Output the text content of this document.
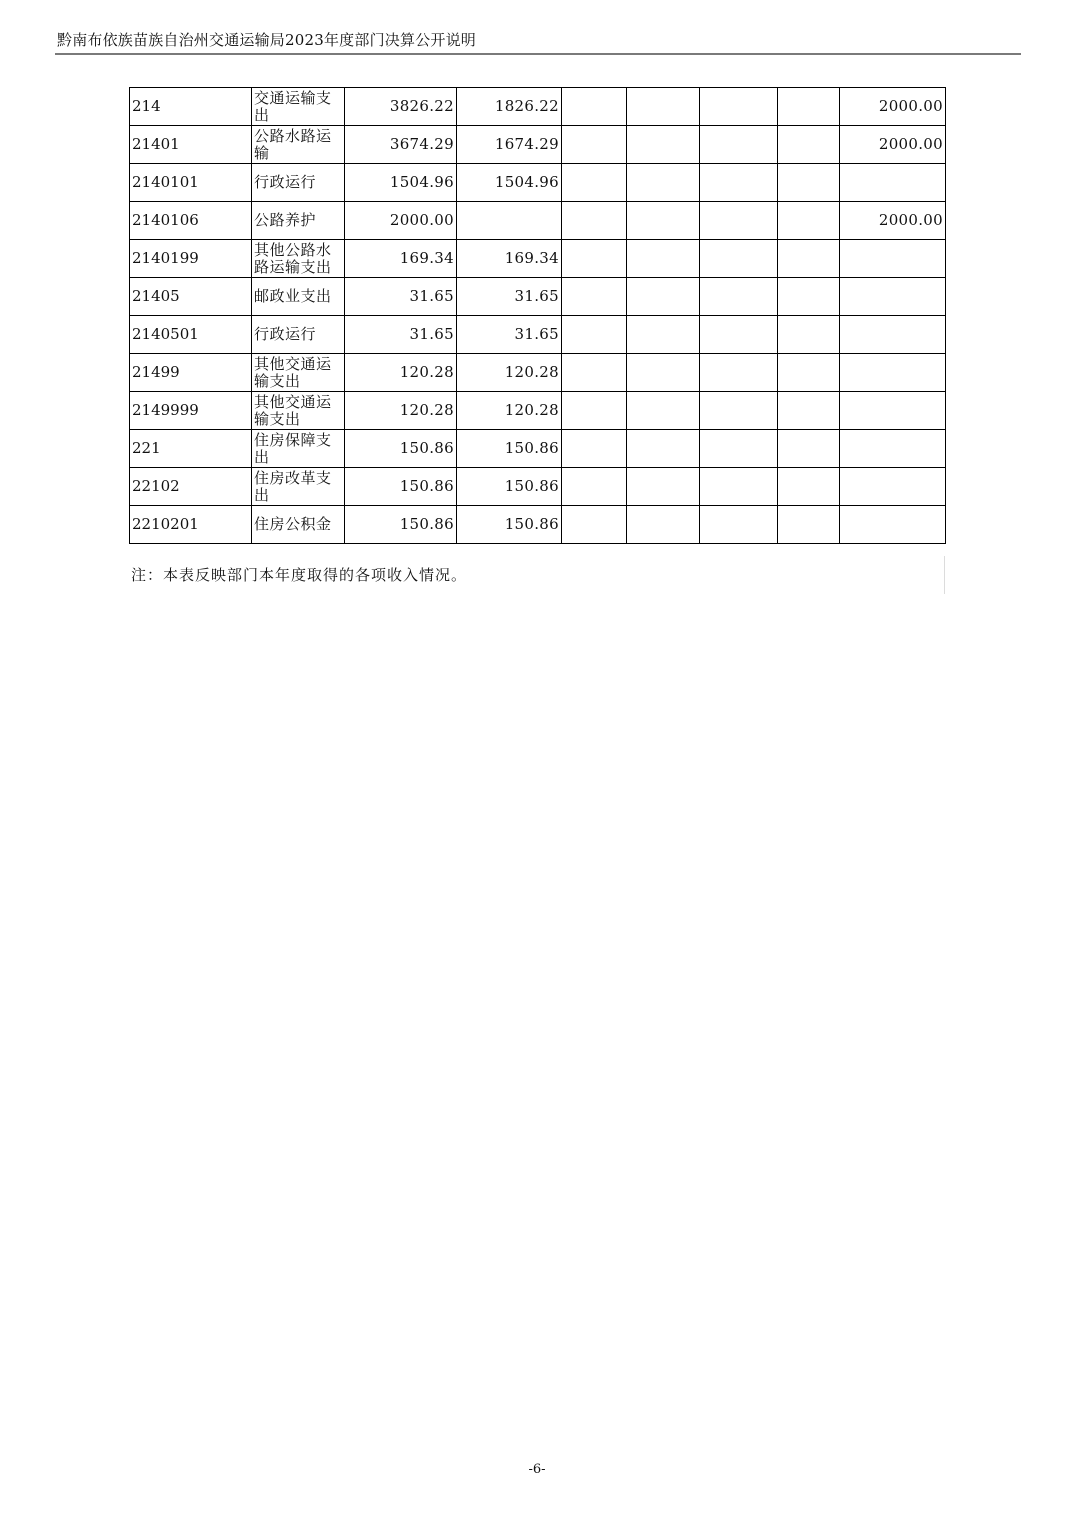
黔南布依族苗族自治州交通运输局2023年度部门决算公开说明
214	交通运输支出	3826.22	1826.22					2000.00
21401	公路水路运输	3674.29	1674.29					2000.00
2140101	行政运行	1504.96	1504.96					
2140106	公路养护	2000.00						2000.00
2140199	其他公路水路运输支出	169.34	169.34					
21405	邮政业支出	31.65	31.65					
2140501	行政运行	31.65	31.65					
21499	其他交通运输支出	120.28	120.28					
2149999	其他交通运输支出	120.28	120.28					
221	住房保障支出	150.86	150.86					
22102	住房改革支出	150.86	150.86					
2210201	住房公积金	150.86	150.86					
注：本表反映部门本年度取得的各项收入情况。
-6-
